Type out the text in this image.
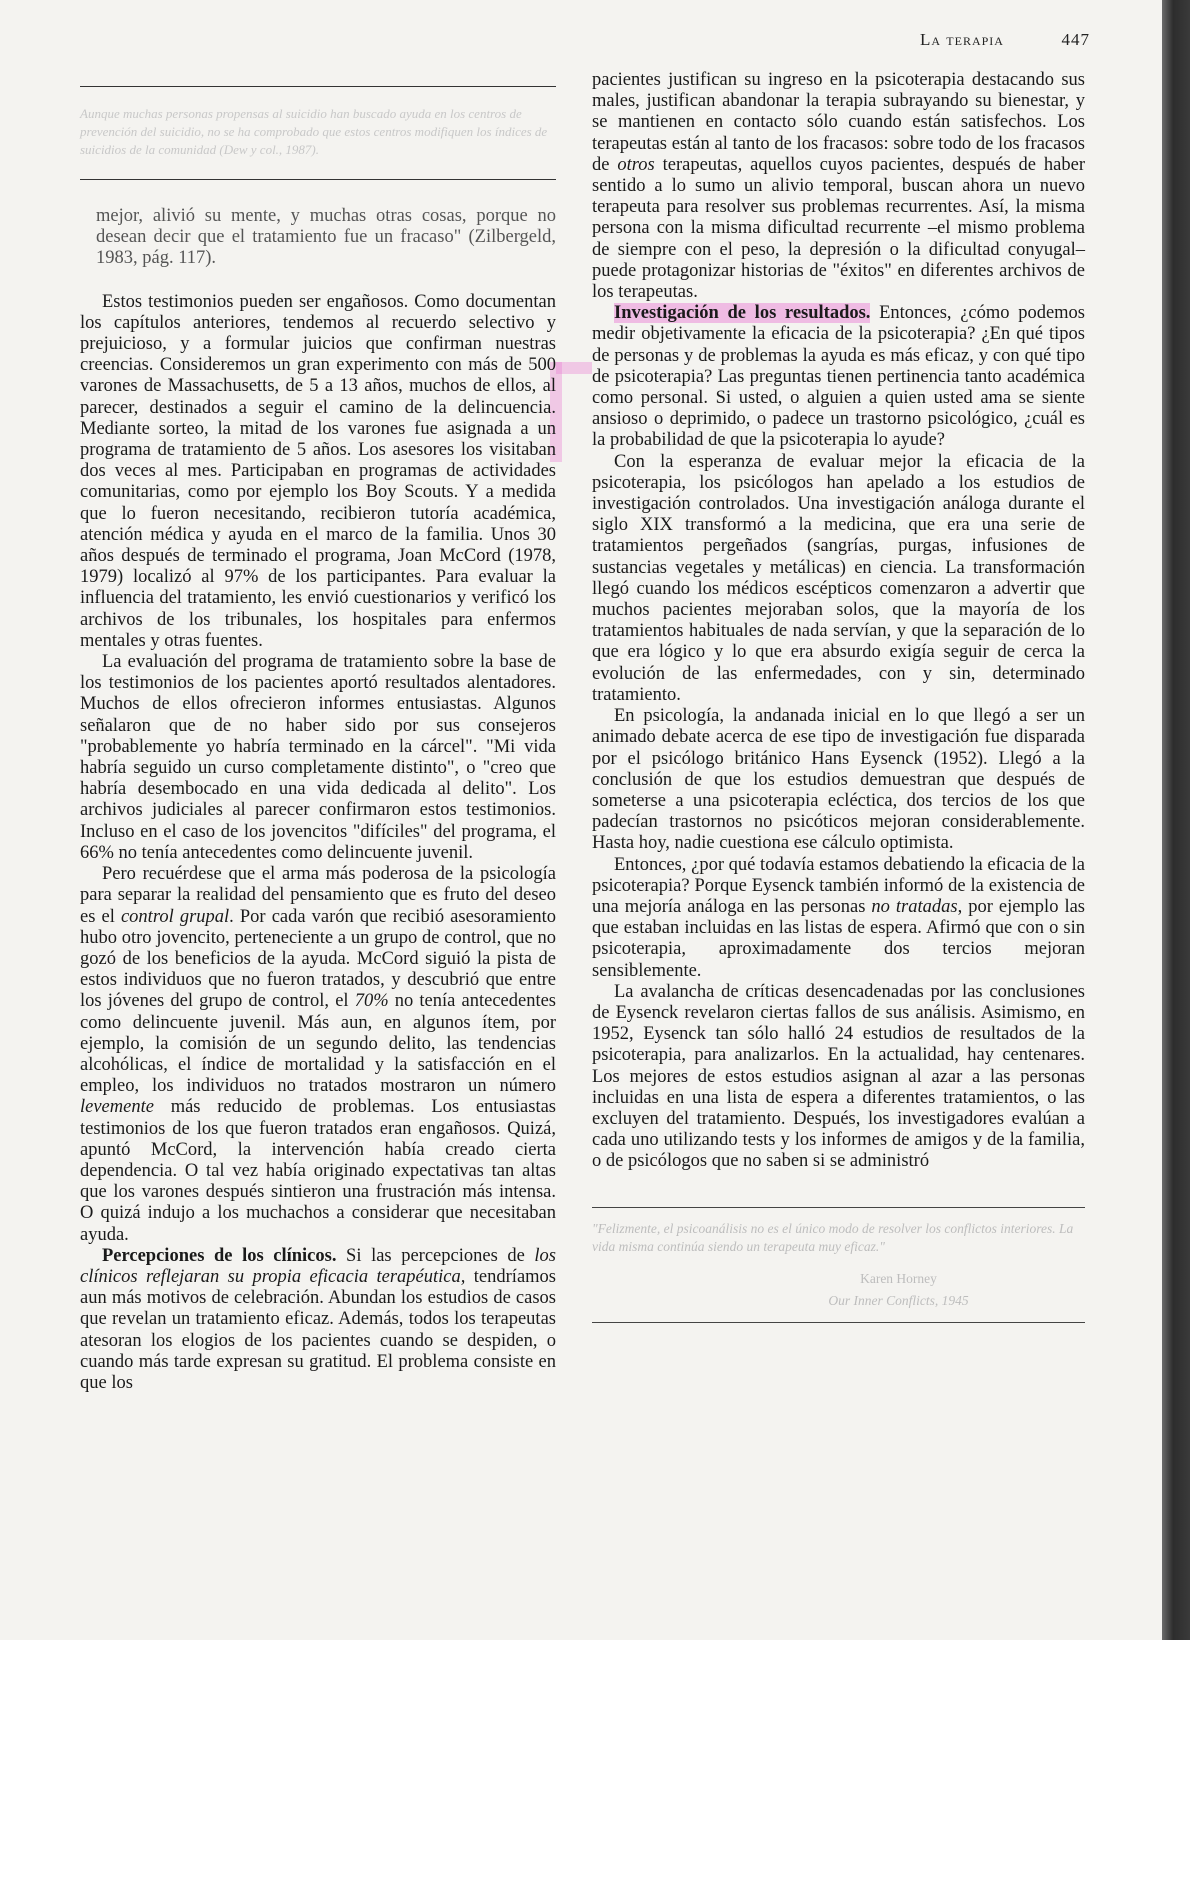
La terapia	447
Aunque muchas personas propensas al suicidio han buscado ayuda en los centros de prevención del suicidio, no se ha comprobado que estos centros modifiquen los índices de suicidios de la comunidad (Dew y col., 1987).
mejor, alivió su mente, y muchas otras cosas, porque no desean decir que el tratamiento fue un fracaso" (Zilbergeld, 1983, pág. 117).

Estos testimonios pueden ser engañosos. Como documentan los capítulos anteriores, tendemos al recuerdo selectivo y prejuicioso, y a formular juicios que confirman nuestras creencias. Consideremos un gran experimento con más de 500 varones de Massachusetts, de 5 a 13 años, muchos de ellos, al parecer, destinados a seguir el camino de la delincuencia. Mediante sorteo, la mitad de los varones fue asignada a un programa de tratamiento de 5 años. Los asesores los visitaban dos veces al mes. Participaban en programas de actividades comunitarias, como por ejemplo los Boy Scouts. Y a medida que lo fueron necesitando, recibieron tutoría académica, atención médica y ayuda en el marco de la familia. Unos 30 años después de terminado el programa, Joan McCord (1978, 1979) localizó al 97% de los participantes. Para evaluar la influencia del tratamiento, les envió cuestionarios y verificó los archivos de los tribunales, los hospitales para enfermos mentales y otras fuentes.

La evaluación del programa de tratamiento sobre la base de los testimonios de los pacientes aportó resultados alentadores. Muchos de ellos ofrecieron informes entusiastas. Algunos señalaron que de no haber sido por sus consejeros "probablemente yo habría terminado en la cárcel". "Mi vida habría seguido un curso completamente distinto", o "creo que habría desembocado en una vida dedicada al delito". Los archivos judiciales al parecer confirmaron estos testimonios. Incluso en el caso de los jovencitos "difíciles" del programa, el 66% no tenía antecedentes como delincuente juvenil.

Pero recuérdese que el arma más poderosa de la psicología para separar la realidad del pensamiento que es fruto del deseo es el control grupal. Por cada varón que recibió asesoramiento hubo otro jovencito, perteneciente a un grupo de control, que no gozó de los beneficios de la ayuda. McCord siguió la pista de estos individuos que no fueron tratados, y descubrió que entre los jóvenes del grupo de control, el 70% no tenía antecedentes como delincuente juvenil. Más aun, en algunos ítem, por ejemplo, la comisión de un segundo delito, las tendencias alcohólicas, el índice de mortalidad y la satisfacción en el empleo, los individuos no tratados mostraron un número levemente más reducido de problemas. Los entusiastas testimonios de los que fueron tratados eran engañosos. Quizá, apuntó McCord, la intervención había creado cierta dependencia. O tal vez había originado expectativas tan altas que los varones después sintieron una frustración más intensa. O quizá indujo a los muchachos a considerar que necesitaban ayuda.

Percepciones de los clínicos. Si las percepciones de los clínicos reflejaran su propia eficacia terapéutica, tendríamos aun más motivos de celebración. Abundan los estudios de casos que revelan un tratamiento eficaz. Además, todos los terapeutas atesoran los elogios de los pacientes cuando se despiden, o cuando más tarde expresan su gratitud. El problema consiste en que los

pacientes justifican su ingreso en la psicoterapia destacando sus males, justifican abandonar la terapia subrayando su bienestar, y se mantienen en contacto sólo cuando están satisfechos. Los terapeutas están al tanto de los fracasos: sobre todo de los fracasos de otros terapeutas, aquellos cuyos pacientes, después de haber sentido a lo sumo un alivio temporal, buscan ahora un nuevo terapeuta para resolver sus problemas recurrentes. Así, la misma persona con la misma dificultad recurrente –el mismo problema de siempre con el peso, la depresión o la dificultad conyugal– puede protagonizar historias de "éxitos" en diferentes archivos de los terapeutas.

Investigación de los resultados. Entonces, ¿cómo podemos medir objetivamente la eficacia de la psicoterapia? ¿En qué tipos de personas y de problemas la ayuda es más eficaz, y con qué tipo de psicoterapia? Las preguntas tienen pertinencia tanto académica como personal. Si usted, o alguien a quien usted ama se siente ansioso o deprimido, o padece un trastorno psicológico, ¿cuál es la probabilidad de que la psicoterapia lo ayude?

Con la esperanza de evaluar mejor la eficacia de la psicoterapia, los psicólogos han apelado a los estudios de investigación controlados. Una investigación análoga durante el siglo XIX transformó a la medicina, que era una serie de tratamientos pergeñados (sangrías, purgas, infusiones de sustancias vegetales y metálicas) en ciencia. La transformación llegó cuando los médicos escépticos comenzaron a advertir que muchos pacientes mejoraban solos, que la mayoría de los tratamientos habituales de nada servían, y que la separación de lo que era lógico y lo que era absurdo exigía seguir de cerca la evolución de las enfermedades, con y sin, determinado tratamiento.

En psicología, la andanada inicial en lo que llegó a ser un animado debate acerca de ese tipo de investigación fue disparada por el psicólogo británico Hans Eysenck (1952). Llegó a la conclusión de que los estudios demuestran que después de someterse a una psicoterapia ecléctica, dos tercios de los que padecían trastornos no psicóticos mejoran considerablemente. Hasta hoy, nadie cuestiona ese cálculo optimista.

Entonces, ¿por qué todavía estamos debatiendo la eficacia de la psicoterapia? Porque Eysenck también informó de la existencia de una mejoría análoga en las personas no tratadas, por ejemplo las que estaban incluidas en las listas de espera. Afirmó que con o sin psicoterapia, aproximadamente dos tercios mejoran sensiblemente.

La avalancha de críticas desencadenadas por las conclusiones de Eysenck revelaron ciertas fallos de sus análisis. Asimismo, en 1952, Eysenck tan sólo halló 24 estudios de resultados de la psicoterapia, para analizarlos. En la actualidad, hay centenares. Los mejores de estos estudios asignan al azar a las personas incluidas en una lista de espera a diferentes tratamientos, o las excluyen del tratamiento. Después, los investigadores evalúan a cada uno utilizando tests y los informes de amigos y de la familia, o de psicólogos que no saben si se administró

"Felizmente, el psicoanálisis no es el único modo de resolver los conflictos interiores. La vida misma continúa siendo un terapeuta muy eficaz."
Karen Horney
Our Inner Conflicts, 1945
